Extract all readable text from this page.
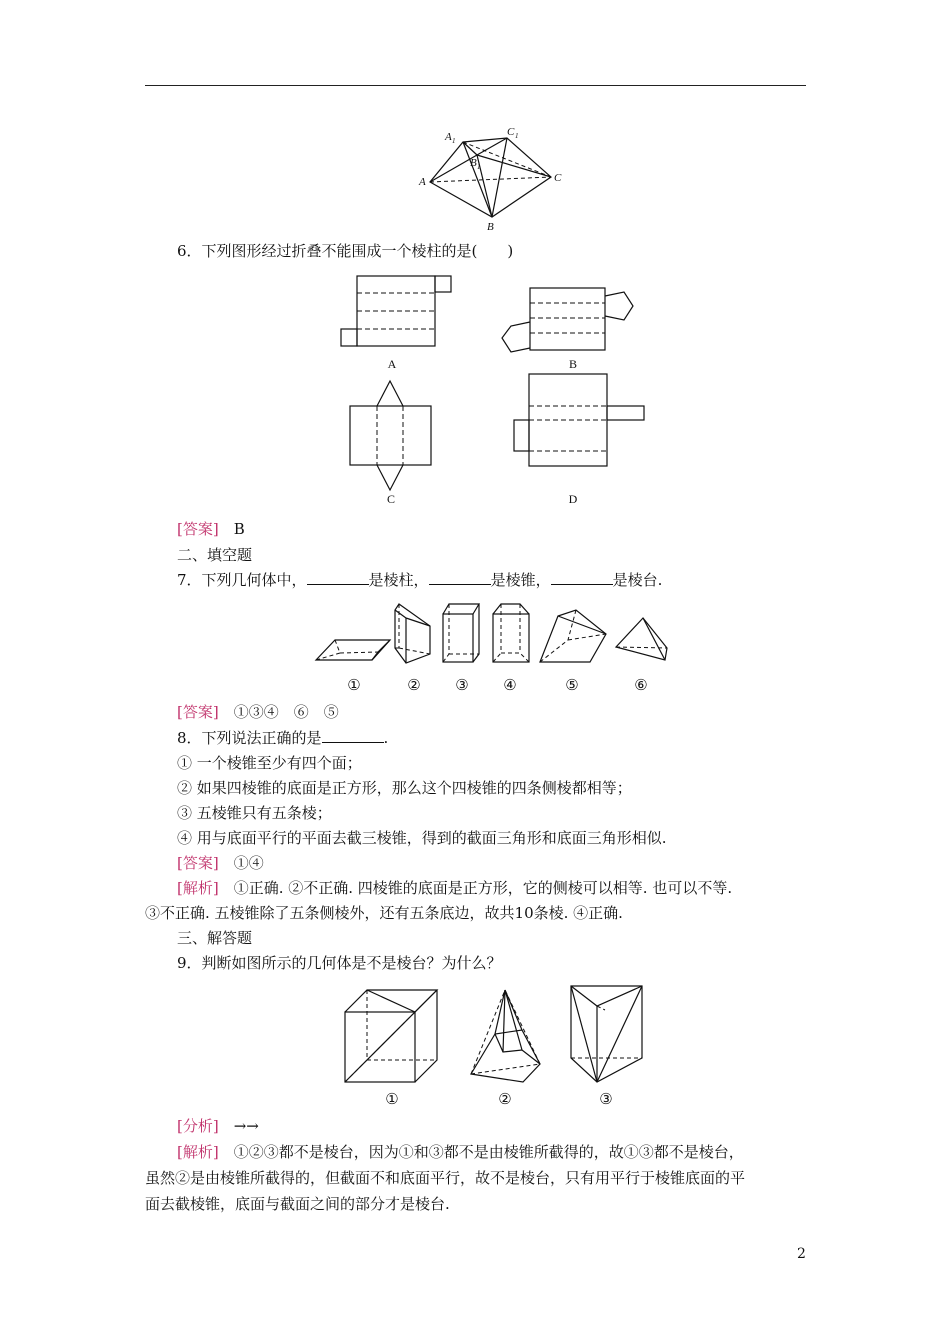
A 1
C 1
B 1
A	C
B
6．下列图形经过折叠不能围成一个棱柱的是(　　)
A	B
C	D
[答案]　 B
二、填空题
7．下列几何体中，	是棱柱，	是棱锥，	是棱台.
①	② ③ ④	⑤	⑥
[答案]　 ①③④　⑥　⑤
8．下列说法正确的是	.
① 一个棱锥至少有四个面；
② 如果四棱锥的底面是正方形，那么这个四棱锥的四条侧棱都相等；
③ 五棱锥只有五条棱；
④ 用与底面平行的平面去截三棱锥，得到的截面三角形和底面三角形相似.
[答案]　 ①④
[解析]　 ①正确. ②不正确. 四棱锥的底面是正方形，它的侧棱可以相等. 也可以不等.
③不正确. 五棱锥除了五条侧棱外，还有五条底边，故共10条棱. ④正确.
三、解答题
9．判断如图所示的几何体是不是棱台？为什么？
①	②	③
[分析]　 →→
[解析]　 ①②③都不是棱台，因为①和③都不是由棱锥所截得的，故①③都不是棱台，
虽然②是由棱锥所截得的，但截面不和底面平行，故不是棱台，只有用平行于棱锥底面的平
面去截棱锥，底面与截面之间的部分才是棱台.
2
